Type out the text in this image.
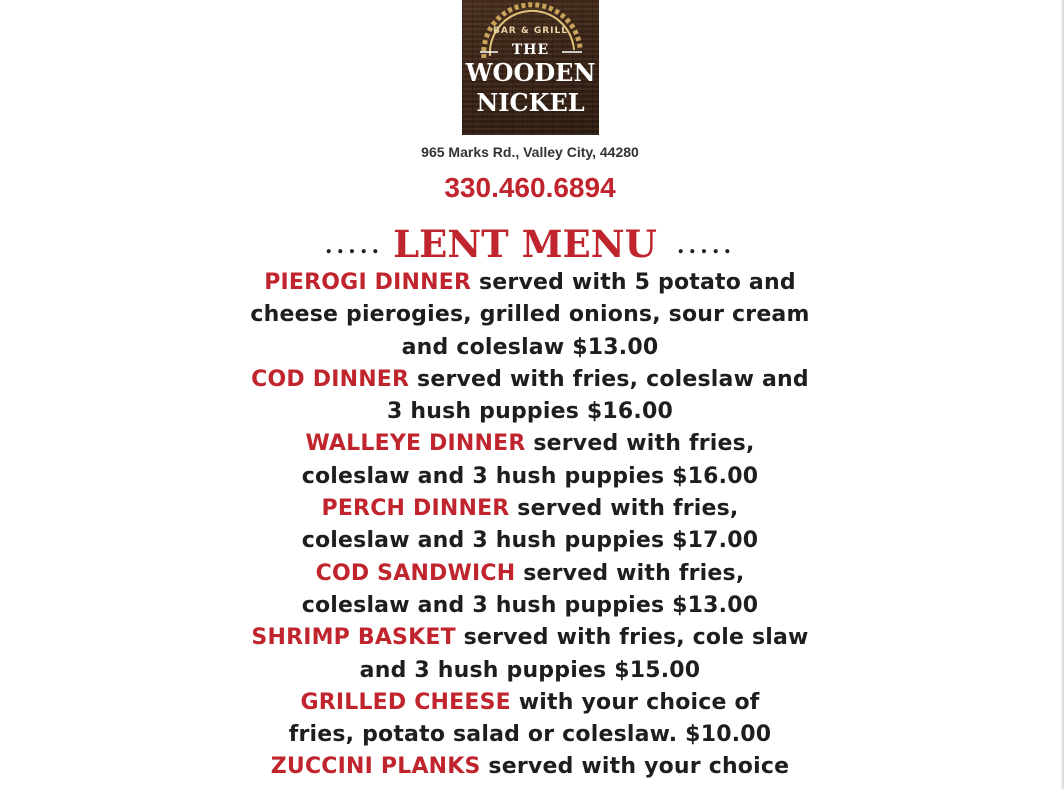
BAR & GRILL
THE
WOODEN
NICKEL
965 Marks Rd., Valley City, 44280
330.460.6894
..... LENT MENU .....
PIEROGI DINNER served with 5 potato and
cheese pierogies, grilled onions, sour cream
and coleslaw $13.00
COD DINNER served with fries, coleslaw and
3 hush puppies $16.00
WALLEYE DINNER served with fries,
coleslaw and 3 hush puppies $16.00
PERCH DINNER served with fries,
coleslaw and 3 hush puppies $17.00
COD SANDWICH served with fries,
coleslaw and 3 hush puppies $13.00
SHRIMP BASKET served with fries, cole slaw
and 3 hush puppies $15.00
GRILLED CHEESE with your choice of
fries, potato salad or coleslaw. $10.00
ZUCCINI PLANKS served with your choice
